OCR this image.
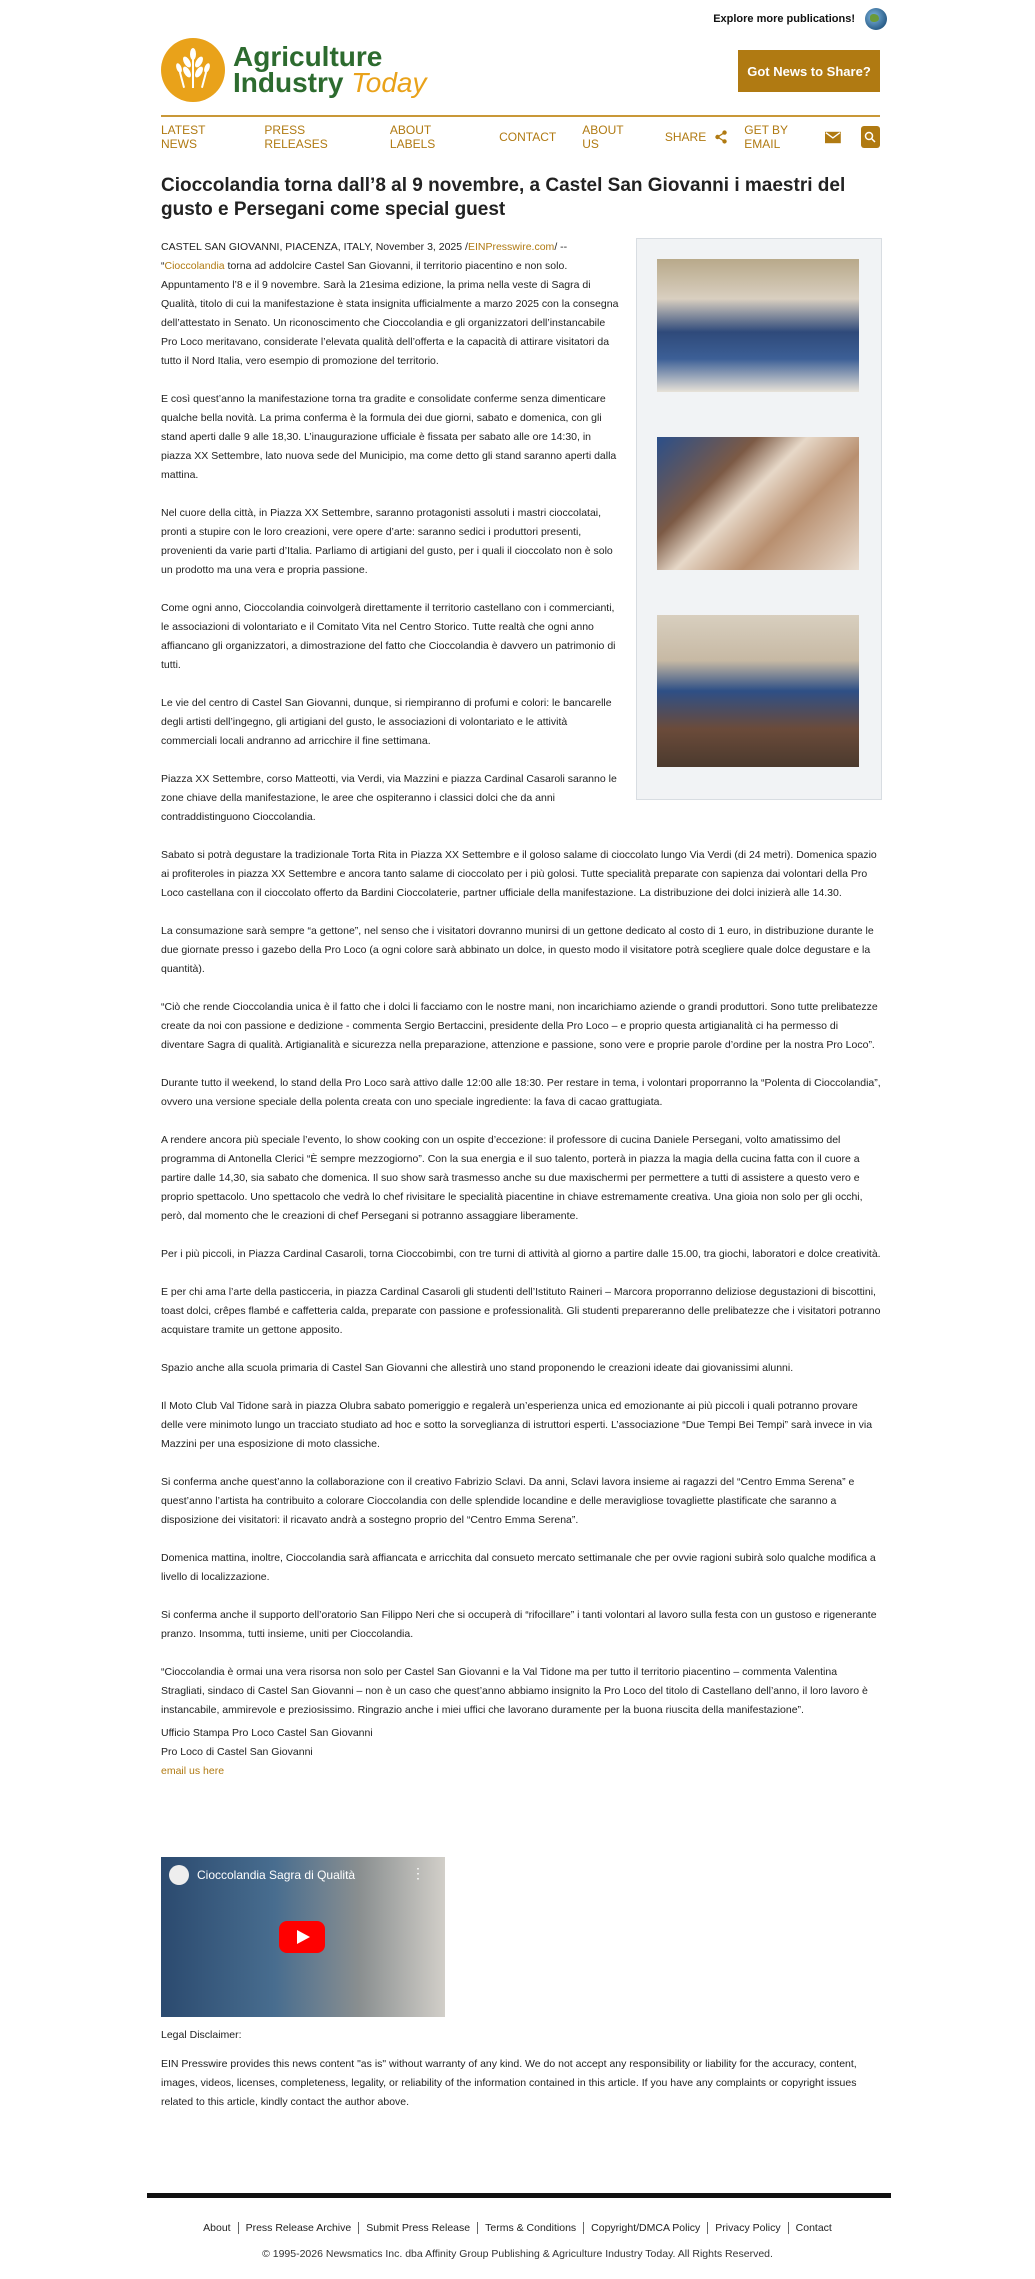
Explore more publications!
Agriculture
Industry Today	Got News to Share?
LATEST NEWS
PRESS RELEASES
ABOUT LABELS	CONTACT ABOUT US	SHARE	GET BY EMAIL
Cioccolandia torna dall’8 al 9 novembre, a Castel San Giovanni i maestri del gusto e Persegani come special guest

CASTEL SAN GIOVANNI, PIACENZA, ITALY, November 3, 2025 /EINPresswire.com/ -- “Cioccolandia torna ad addolcire Castel San Giovanni, il territorio piacentino e non solo. Appuntamento l’8 e il 9 novembre. Sarà la 21esima edizione, la prima nella veste di Sagra di Qualità, titolo di cui la manifestazione è stata insignita ufficialmente a marzo 2025 con la consegna dell’attestato in Senato. Un riconoscimento che Cioccolandia e gli organizzatori dell’instancabile Pro Loco meritavano, considerate l’elevata qualità dell’offerta e la capacità di attirare visitatori da tutto il Nord Italia, vero esempio di promozione del territorio.

E così quest’anno la manifestazione torna tra gradite e consolidate conferme senza dimenticare qualche bella novità. La prima conferma è la formula dei due giorni, sabato e domenica, con gli stand aperti dalle 9 alle 18,30. L’inaugurazione ufficiale è fissata per sabato alle ore 14:30, in piazza XX Settembre, lato nuova sede del Municipio, ma come detto gli stand saranno aperti dalla mattina.

Nel cuore della città, in Piazza XX Settembre, saranno protagonisti assoluti i mastri cioccolatai, pronti a stupire con le loro creazioni, vere opere d’arte: saranno sedici i produttori presenti, provenienti da varie parti d’Italia. Parliamo di artigiani del gusto, per i quali il cioccolato non è solo un prodotto ma una vera e propria passione.

Come ogni anno, Cioccolandia coinvolgerà direttamente il territorio castellano con i commercianti, le associazioni di volontariato e il Comitato Vita nel Centro Storico. Tutte realtà che ogni anno affiancano gli organizzatori, a dimostrazione del fatto che Cioccolandia è davvero un patrimonio di tutti.

Le vie del centro di Castel San Giovanni, dunque, si riempiranno di profumi e colori: le bancarelle degli artisti dell’ingegno, gli artigiani del gusto, le associazioni di volontariato e le attività commerciali locali andranno ad arricchire il fine settimana.

Piazza XX Settembre, corso Matteotti, via Verdi, via Mazzini e piazza Cardinal Casaroli saranno le zone chiave della manifestazione, le aree che ospiteranno i classici dolci che da anni contraddistinguono Cioccolandia.

Sabato si potrà degustare la tradizionale Torta Rita in Piazza XX Settembre e il goloso salame di cioccolato lungo Via Verdi (di 24 metri). Domenica spazio ai profiteroles in piazza XX Settembre e ancora tanto salame di cioccolato per i più golosi. Tutte specialità preparate con sapienza dai volontari della Pro Loco castellana con il cioccolato offerto da Bardini Cioccolaterie, partner ufficiale della manifestazione. La distribuzione dei dolci inizierà alle 14.30.

La consumazione sarà sempre “a gettone”, nel senso che i visitatori dovranno munirsi di un gettone dedicato al costo di 1 euro, in distribuzione durante le due giornate presso i gazebo della Pro Loco (a ogni colore sarà abbinato un dolce, in questo modo il visitatore potrà scegliere quale dolce degustare e la quantità).

“Ciò che rende Cioccolandia unica è il fatto che i dolci li facciamo con le nostre mani, non incarichiamo aziende o grandi produttori. Sono tutte prelibatezze create da noi con passione e dedizione - commenta Sergio Bertaccini, presidente della Pro Loco – e proprio questa artigianalità ci ha permesso di diventare Sagra di qualità. Artigianalità e sicurezza nella preparazione, attenzione e passione, sono vere e proprie parole d’ordine per la nostra Pro Loco”.

Durante tutto il weekend, lo stand della Pro Loco sarà attivo dalle 12:00 alle 18:30. Per restare in tema, i volontari proporranno la “Polenta di Cioccolandia”, ovvero una versione speciale della polenta creata con uno speciale ingrediente: la fava di cacao grattugiata.

A rendere ancora più speciale l’evento, lo show cooking con un ospite d’eccezione: il professore di cucina Daniele Persegani, volto amatissimo del programma di Antonella Clerici “È sempre mezzogiorno”. Con la sua energia e il suo talento, porterà in piazza la magia della cucina fatta con il cuore a partire dalle 14,30, sia sabato che domenica. Il suo show sarà trasmesso anche su due maxischermi per permettere a tutti di assistere a questo vero e proprio spettacolo. Uno spettacolo che vedrà lo chef rivisitare le specialità piacentine in chiave estremamente creativa. Una gioia non solo per gli occhi, però, dal momento che le creazioni di chef Persegani si potranno assaggiare liberamente.

Per i più piccoli, in Piazza Cardinal Casaroli, torna Cioccobimbi, con tre turni di attività al giorno a partire dalle 15.00, tra giochi, laboratori e dolce creatività.

E per chi ama l’arte della pasticceria, in piazza Cardinal Casaroli gli studenti dell’Istituto Raineri – Marcora proporranno deliziose degustazioni di biscottini, toast dolci, crêpes flambé e caffetteria calda, preparate con passione e professionalità. Gli studenti prepareranno delle prelibatezze che i visitatori potranno acquistare tramite un gettone apposito.

Spazio anche alla scuola primaria di Castel San Giovanni che allestirà uno stand proponendo le creazioni ideate dai giovanissimi alunni.

Il Moto Club Val Tidone sarà in piazza Olubra sabato pomeriggio e regalerà un’esperienza unica ed emozionante ai più piccoli i quali potranno provare delle vere minimoto lungo un tracciato studiato ad hoc e sotto la sorveglianza di istruttori esperti. L’associazione “Due Tempi Bei Tempi” sarà invece in via Mazzini per una esposizione di moto classiche.

Si conferma anche quest’anno la collaborazione con il creativo Fabrizio Sclavi. Da anni, Sclavi lavora insieme ai ragazzi del “Centro Emma Serena” e quest’anno l’artista ha contribuito a colorare Cioccolandia con delle splendide locandine e delle meravigliose tovagliette plastificate che saranno a disposizione dei visitatori: il ricavato andrà a sostegno proprio del “Centro Emma Serena”.

Domenica mattina, inoltre, Cioccolandia sarà affiancata e arricchita dal consueto mercato settimanale che per ovvie ragioni subirà solo qualche modifica a livello di localizzazione.

Si conferma anche il supporto dell’oratorio San Filippo Neri che si occuperà di “rifocillare” i tanti volontari al lavoro sulla festa con un gustoso e rigenerante pranzo. Insomma, tutti insieme, uniti per Cioccolandia.

“Cioccolandia è ormai una vera risorsa non solo per Castel San Giovanni e la Val Tidone ma per tutto il territorio piacentino – commenta Valentina Stragliati, sindaco di Castel San Giovanni – non è un caso che quest’anno abbiamo insignito la Pro Loco del titolo di Castellano dell’anno, il loro lavoro è instancabile, ammirevole e preziosissimo. Ringrazio anche i miei uffici che lavorano duramente per la buona riuscita della manifestazione”.

Ufficio Stampa Pro Loco Castel San Giovanni
Pro Loco di Castel San Giovanni
email us here
Cioccolandia Sagra di Qualità	⋮

Legal Disclaimer:

EIN Presswire provides this news content "as is" without warranty of any kind. We do not accept any responsibility or liability for the accuracy, content, images, videos, licenses, completeness, legality, or reliability of the information contained in this article. If you have any complaints or copyright issues related to this article, kindly contact the author above.

About	Press Release Archive	Submit Press Release	Terms & Conditions	Copyright/DMCA Policy	Privacy Policy	Contact
© 1995-2026 Newsmatics Inc. dba Affinity Group Publishing & Agriculture Industry Today. All Rights Reserved.
